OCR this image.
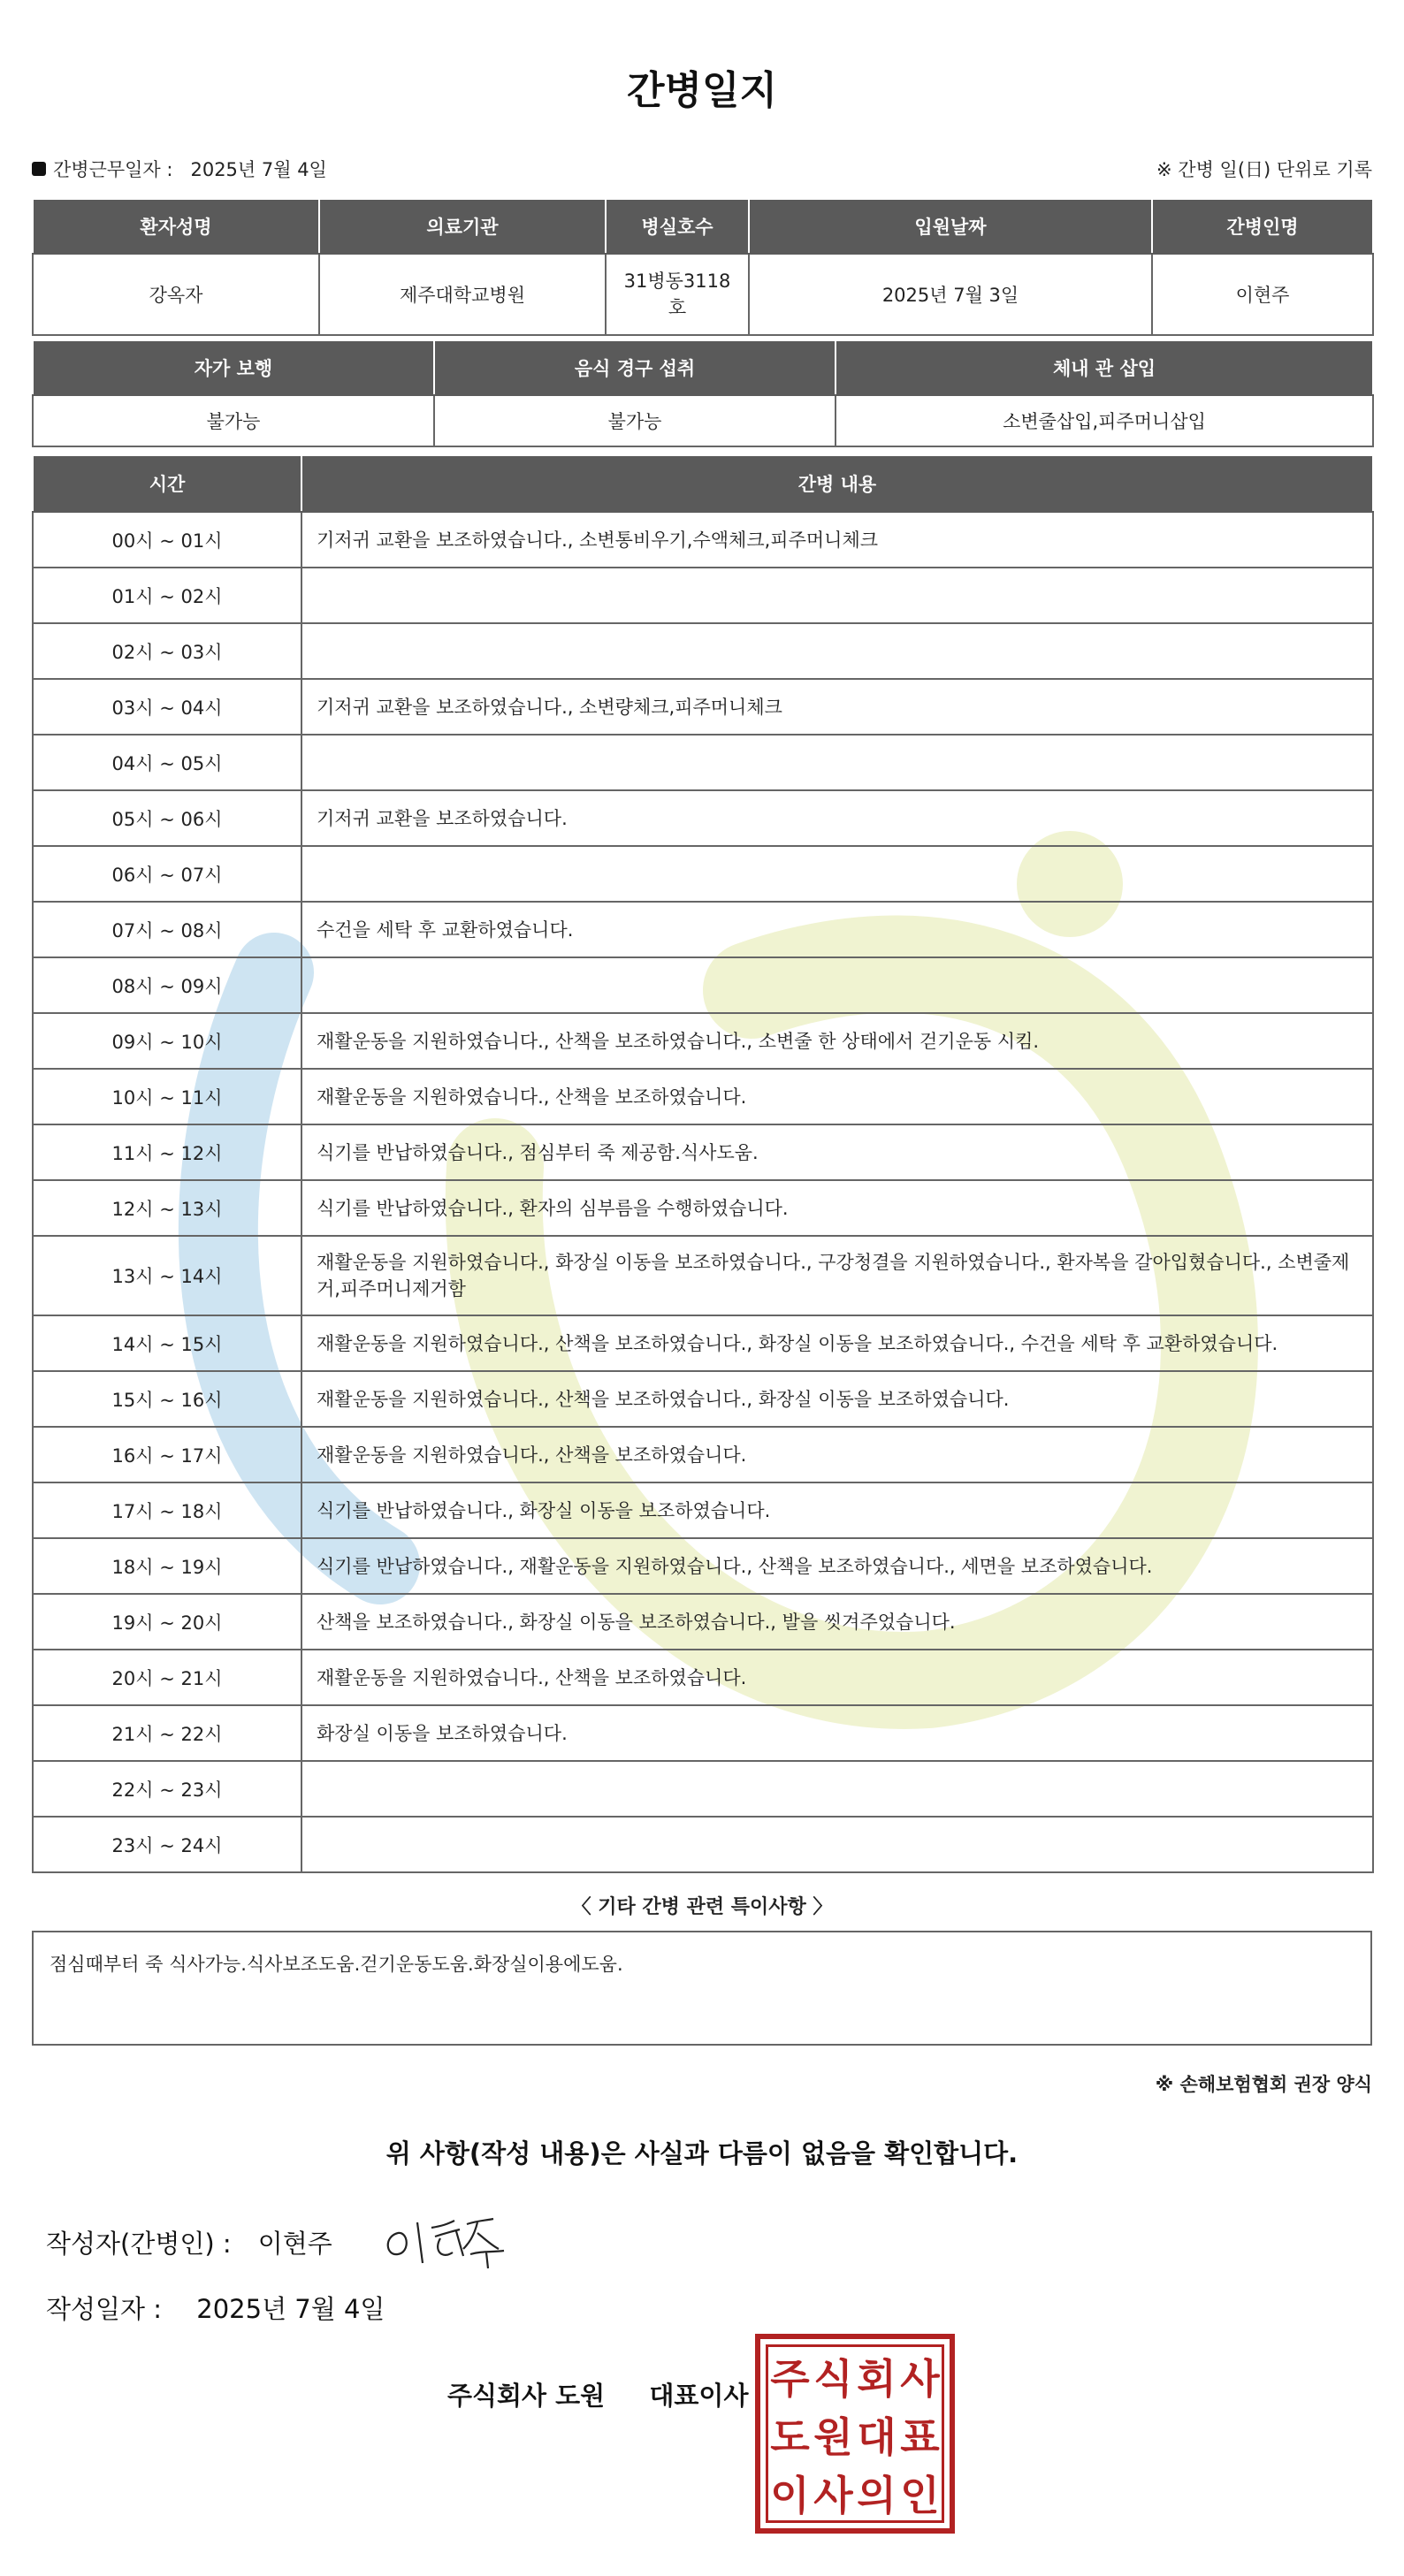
간병일지
간병근무일자 : 2025년 7월 4일	※ 간병 일(日) 단위로 기록
환자성명	의료기관	병실호수	입원날짜	간병인명
강옥자	제주대학교병원	31병동3118호	2025년 7월 3일	이현주
자가 보행	음식 경구 섭취	체내 관 삽입
불가능	불가능	소변줄삽입,피주머니삽입
시간	간병 내용
00시 ~ 01시	기저귀 교환을 보조하였습니다., 소변통비우기,수액체크,피주머니체크
01시 ~ 02시	
02시 ~ 03시	
03시 ~ 04시	기저귀 교환을 보조하였습니다., 소변량체크,피주머니체크
04시 ~ 05시	
05시 ~ 06시	기저귀 교환을 보조하였습니다.
06시 ~ 07시	
07시 ~ 08시	수건을 세탁 후 교환하였습니다.
08시 ~ 09시	
09시 ~ 10시	재활운동을 지원하였습니다., 산책을 보조하였습니다., 소변줄 한 상태에서 걷기운동 시킴.
10시 ~ 11시	재활운동을 지원하였습니다., 산책을 보조하였습니다.
11시 ~ 12시	식기를 반납하였습니다., 점심부터 죽 제공함.식사도움.
12시 ~ 13시	식기를 반납하였습니다., 환자의 심부름을 수행하였습니다.
13시 ~ 14시	재활운동을 지원하였습니다., 화장실 이동을 보조하였습니다., 구강청결을 지원하였습니다., 환자복을 갈아입혔습니다., 소변줄제거,피주머니제거함
14시 ~ 15시	재활운동을 지원하였습니다., 산책을 보조하였습니다., 화장실 이동을 보조하였습니다., 수건을 세탁 후 교환하였습니다.
15시 ~ 16시	재활운동을 지원하였습니다., 산책을 보조하였습니다., 화장실 이동을 보조하였습니다.
16시 ~ 17시	재활운동을 지원하였습니다., 산책을 보조하였습니다.
17시 ~ 18시	식기를 반납하였습니다., 화장실 이동을 보조하였습니다.
18시 ~ 19시	식기를 반납하였습니다., 재활운동을 지원하였습니다., 산책을 보조하였습니다., 세면을 보조하였습니다.
19시 ~ 20시	산책을 보조하였습니다., 화장실 이동을 보조하였습니다., 발을 씻겨주었습니다.
20시 ~ 21시	재활운동을 지원하였습니다., 산책을 보조하였습니다.
21시 ~ 22시	화장실 이동을 보조하였습니다.
22시 ~ 23시	
23시 ~ 24시	
〈 기타 간병 관련 특이사항 〉
점심때부터 죽 식사가능.식사보조도움.걷기운동도움.화장실이용에도움.
※ 손해보험협회 권장 양식
위 사항(작성 내용)은 사실과 다름이 없음을 확인합니다.
작성자(간병인) : 이현주
작성일자 : 2025년 7월 4일
주식회사 도원 대표이사 주 식 회 사
도 원 대 표
이 사 의 인
